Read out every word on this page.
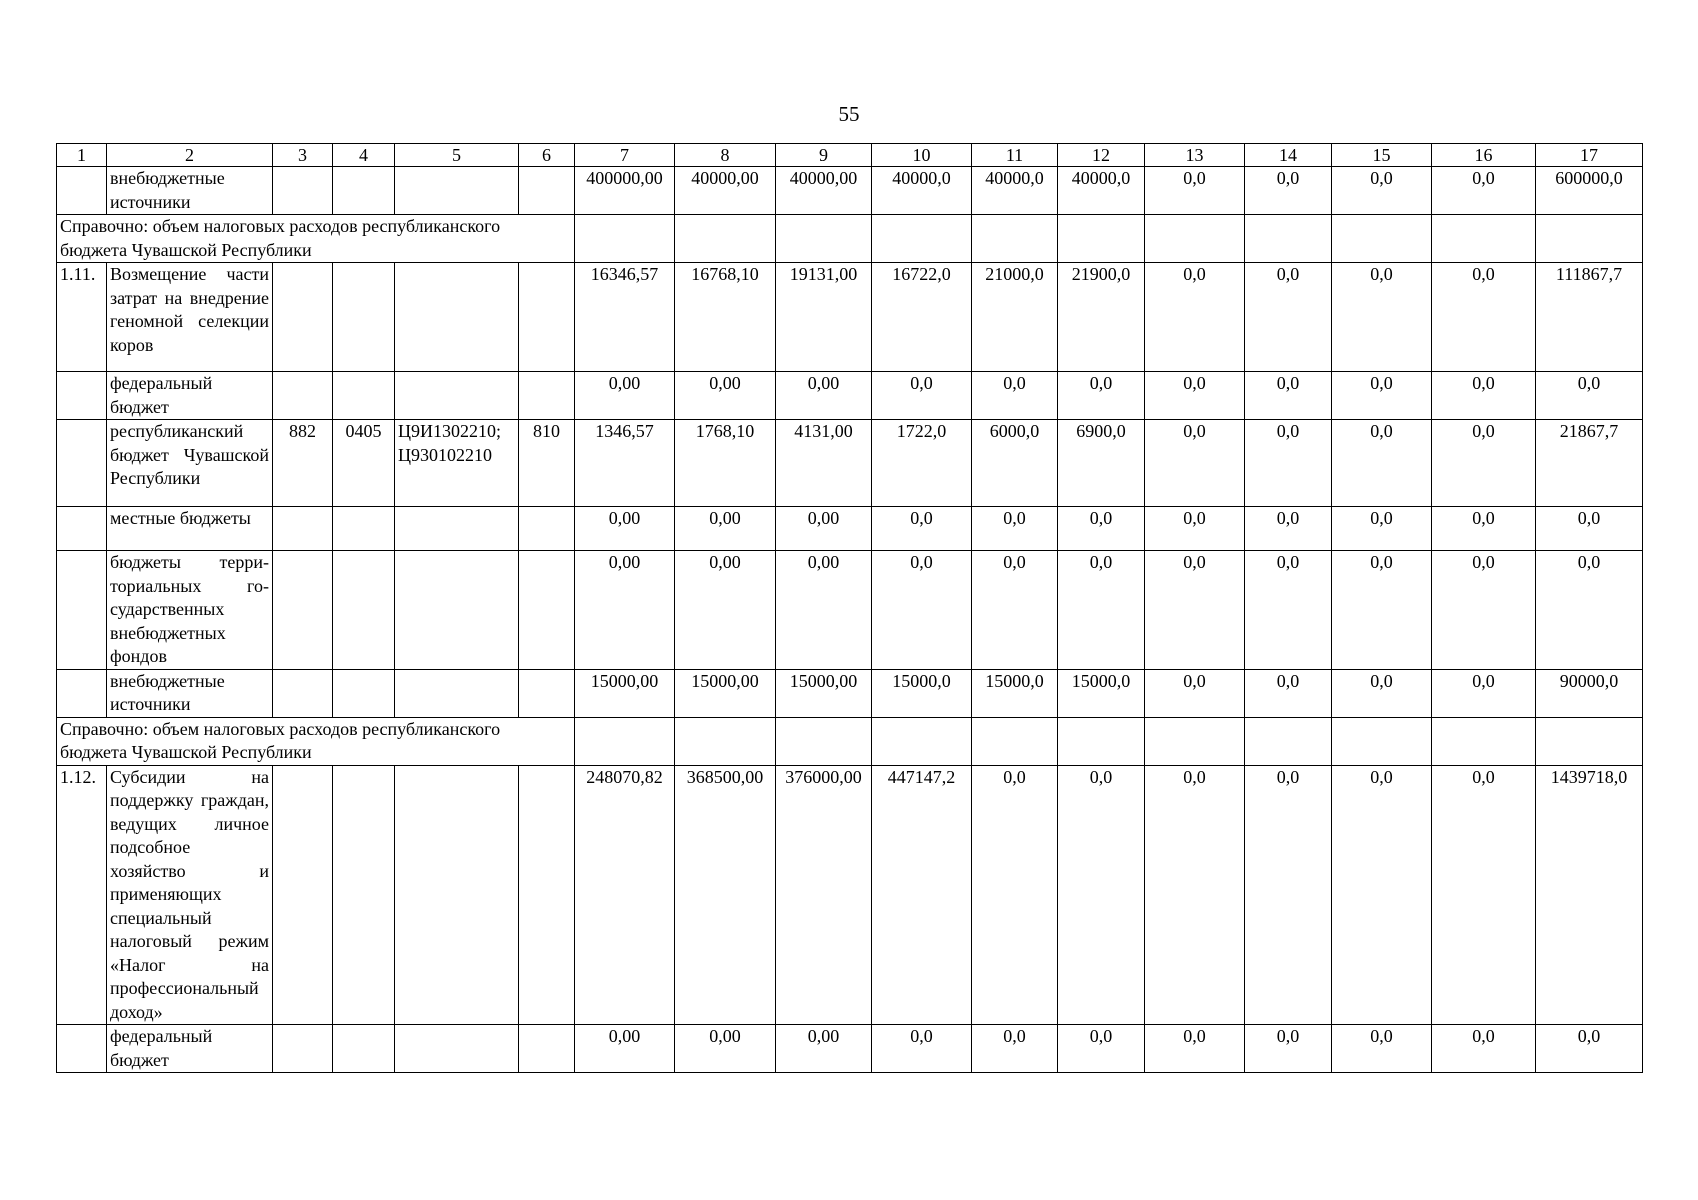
55
1	2	3	4	5	6	7	8	9	10	11	12	13	14	15	16	17
	внебюджетные источники					400000,00	40000,00	40000,00	40000,0	40000,0	40000,0	0,0	0,0	0,0	0,0	600000,0
Справочно: объем налоговых расходов республиканского бюджета Чувашской Республики																
1.11.	Возмещение части затрат на внедрение геномной селекции коров					16346,57	16768,10	19131,00	16722,0	21000,0	21900,0	0,0	0,0	0,0	0,0	111867,7
	федеральный бюджет					0,00	0,00	0,00	0,0	0,0	0,0	0,0	0,0	0,0	0,0	0,0
	республиканский бюджет Чувашской Республики	882	0405	Ц9И1302210; Ц930102210	810	1346,57	1768,10	4131,00	1722,0	6000,0	6900,0	0,0	0,0	0,0	0,0	21867,7
	местные бюджеты					0,00	0,00	0,00	0,0	0,0	0,0	0,0	0,0	0,0	0,0	0,0
	бюджеты территориальных государственных внебюджетных фондов					0,00	0,00	0,00	0,0	0,0	0,0	0,0	0,0	0,0	0,0	0,0
	внебюджетные источники					15000,00	15000,00	15000,00	15000,0	15000,0	15000,0	0,0	0,0	0,0	0,0	90000,0
Справочно: объем налоговых расходов республиканского бюджета Чувашской Республики																
1.12.	Субсидии на поддержку граждан, ведущих личное подсобное хозяйство и применяющих специальный налоговый режим «Налог на профессиональный доход»					248070,82	368500,00	376000,00	447147,2	0,0	0,0	0,0	0,0	0,0	0,0	1439718,0
	федеральный бюджет					0,00	0,00	0,00	0,0	0,0	0,0	0,0	0,0	0,0	0,0	0,0
